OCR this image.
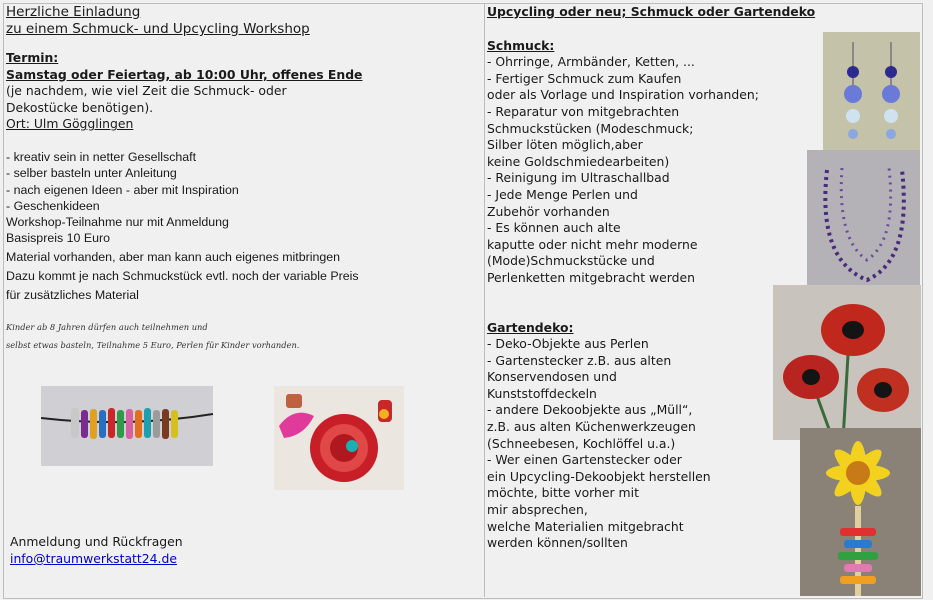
Herzliche Einladung
zu einem Schmuck- und Upcycling Workshop
Termin:
Samstag oder Feiertag, ab 10:00 Uhr, offenes Ende
(je nachdem, wie viel Zeit die Schmuck- oder
Dekostücke benötigen).
Ort: Ulm Gögglingen
- kreativ sein in netter Gesellschaft
- selber basteln unter Anleitung
- nach eigenen Ideen - aber mit Inspiration
- Geschenkideen
Workshop-Teilnahme nur mit Anmeldung
Basispreis 10 Euro
Material vorhanden, aber man kann auch eigenes mitbringen
Dazu kommt je nach Schmuckstück evtl. noch der variable Preis
für zusätzliches Material
Kinder ab 8 Jahren dürfen auch teilnehmen und
selbst etwas basteln, Teilnahme 5 Euro, Perlen für Kinder vorhanden.
Anmeldung und Rückfragen
info@traumwerkstatt24.de
Upcycling oder neu; Schmuck oder Gartendeko
Schmuck:
- Ohrringe, Armbänder, Ketten, ...
- Fertiger Schmuck zum Kaufen
oder als Vorlage und Inspiration vorhanden;
- Reparatur von mitgebrachten
Schmuckstücken (Modeschmuck;
Silber löten möglich,aber
keine Goldschmiedearbeiten)
- Reinigung im Ultraschallbad
- Jede Menge Perlen und
Zubehör vorhanden
- Es können auch alte
kaputte oder nicht mehr moderne
(Mode)Schmuckstücke und
Perlenketten mitgebracht werden
Gartendeko:
- Deko-Objekte aus Perlen
- Gartenstecker z.B. aus alten
Konservendosen und
Kunststoffdeckeln
- andere Dekoobjekte aus „Müll“,
z.B. aus alten Küchenwerkzeugen
(Schneebesen, Kochlöffel u.a.)
- Wer einen Gartenstecker oder
ein Upcycling-Dekoobjekt herstellen
möchte, bitte vorher mit
mir absprechen,
welche Materialien mitgebracht
werden können/sollten
